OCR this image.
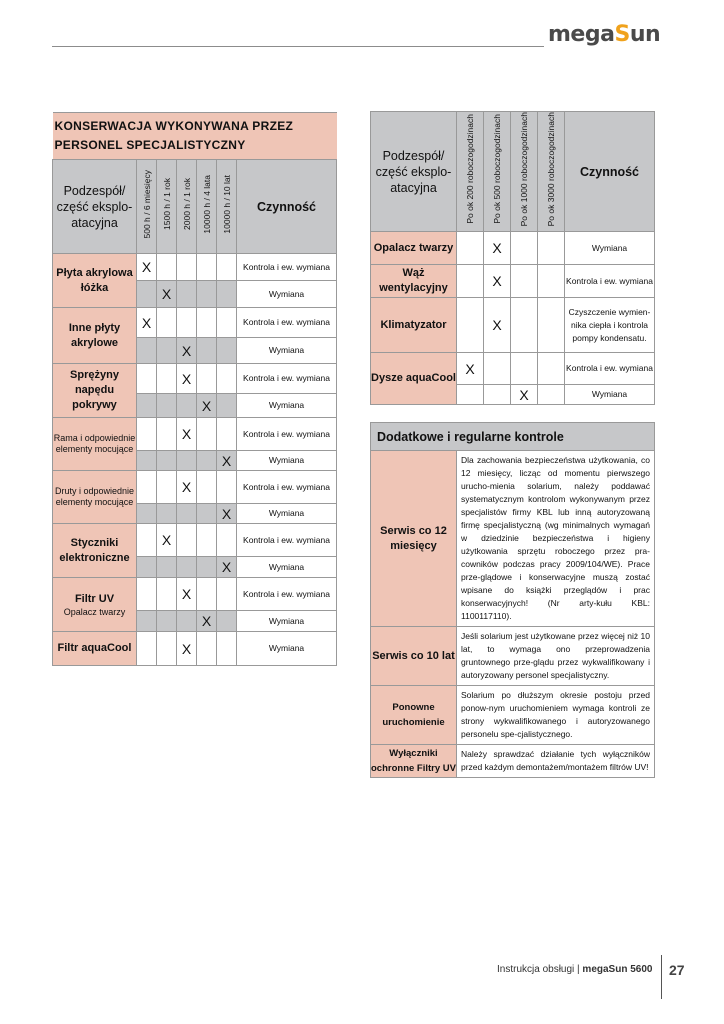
megaSun
KONSERWACJA WYKONYWANA PRZEZ PERSONEL SPECJALISTYCZNY						
Podzespół/ część eksplo-atacyjna	500 h / 6 miesięcy	1500 h / 1 rok	2000 h / 1 rok	10000 h / 4 lata	10000 h / 10 lat	Czynność

Płyta akrylowa łóżka	X					Kontrola i ew. wymiana
		X				Wymiana

Inne płyty akrylowe	X					Kontrola i ew. wymiana
			X			Wymiana

Sprężyny napędu pokrywy			X			Kontrola i ew. wymiana
				X		Wymiana

Rama i odpowiednie elementy mocujące			X			Kontrola i ew. wymiana
					X	Wymiana

Druty i odpowiednie elementy mocujące			X			Kontrola i ew. wymiana
					X	Wymiana

Styczniki elektroniczne		X				Kontrola i ew. wymiana
					X	Wymiana

Filtr UV
Opalacz twarzy			X			Kontrola i ew. wymiana
				X		Wymiana

Filtr aquaCool			X			Wymiana
Podzespół/ część eksplo-atacyjna	Po ok 200 roboczogodzinach	Po ok 500 roboczogodzinach	Po ok 1000 roboczogodzinach	Po ok 3000 roboczogodzinach	Czynność

Opalacz twarzy		X			Wymiana

Wąż wentylacyjny		X			Kontrola i ew. wymiana

Klimatyzator		X			Czyszczenie wymien-nika ciepła i kontrola pompy kondensatu.

Dysze aquaCool	X				Kontrola i ew. wymiana
			X		Wymiana
Dodatkowe i regularne kontrole	

Serwis co 12 miesięcy	Dla zachowania bezpieczeństwa użytkowania, co 12 miesięcy, licząc od momentu pierwszego urucho-mienia solarium, należy poddawać systematycznym kontrolom wykonywanym przez specjalistów firmy KBL lub inną autoryzowaną firmę specjalistyczną (wg minimalnych wymagań w dziedzinie bezpieczeństwa i higieny użytkowania sprzętu roboczego przez pra-cowników podczas pracy 2009/104/WE). Prace prze-glądowe i konserwacyjne muszą zostać wpisane do książki przeglądów i prac konserwacyjnych! (Nr arty-kułu KBL: 1100117110).

Serwis co 10 lat	Jeśli solarium jest użytkowane przez więcej niż 10 lat, to wymaga ono przeprowadzenia gruntownego prze-glądu przez wykwalifikowany i autoryzowany personel specjalistyczny.

Ponowne uruchomienie	Solarium po dłuższym okresie postoju przed ponow-nym uruchomieniem wymaga kontroli ze strony wykwalifikowanego i autoryzowanego personelu spe-cjalistycznego.

Wyłączniki ochronne Filtry UV	Należy sprawdzać działanie tych wyłączników przed każdym demontażem/montażem filtrów UV!
Instrukcja obsługi | megaSun 5600 27
